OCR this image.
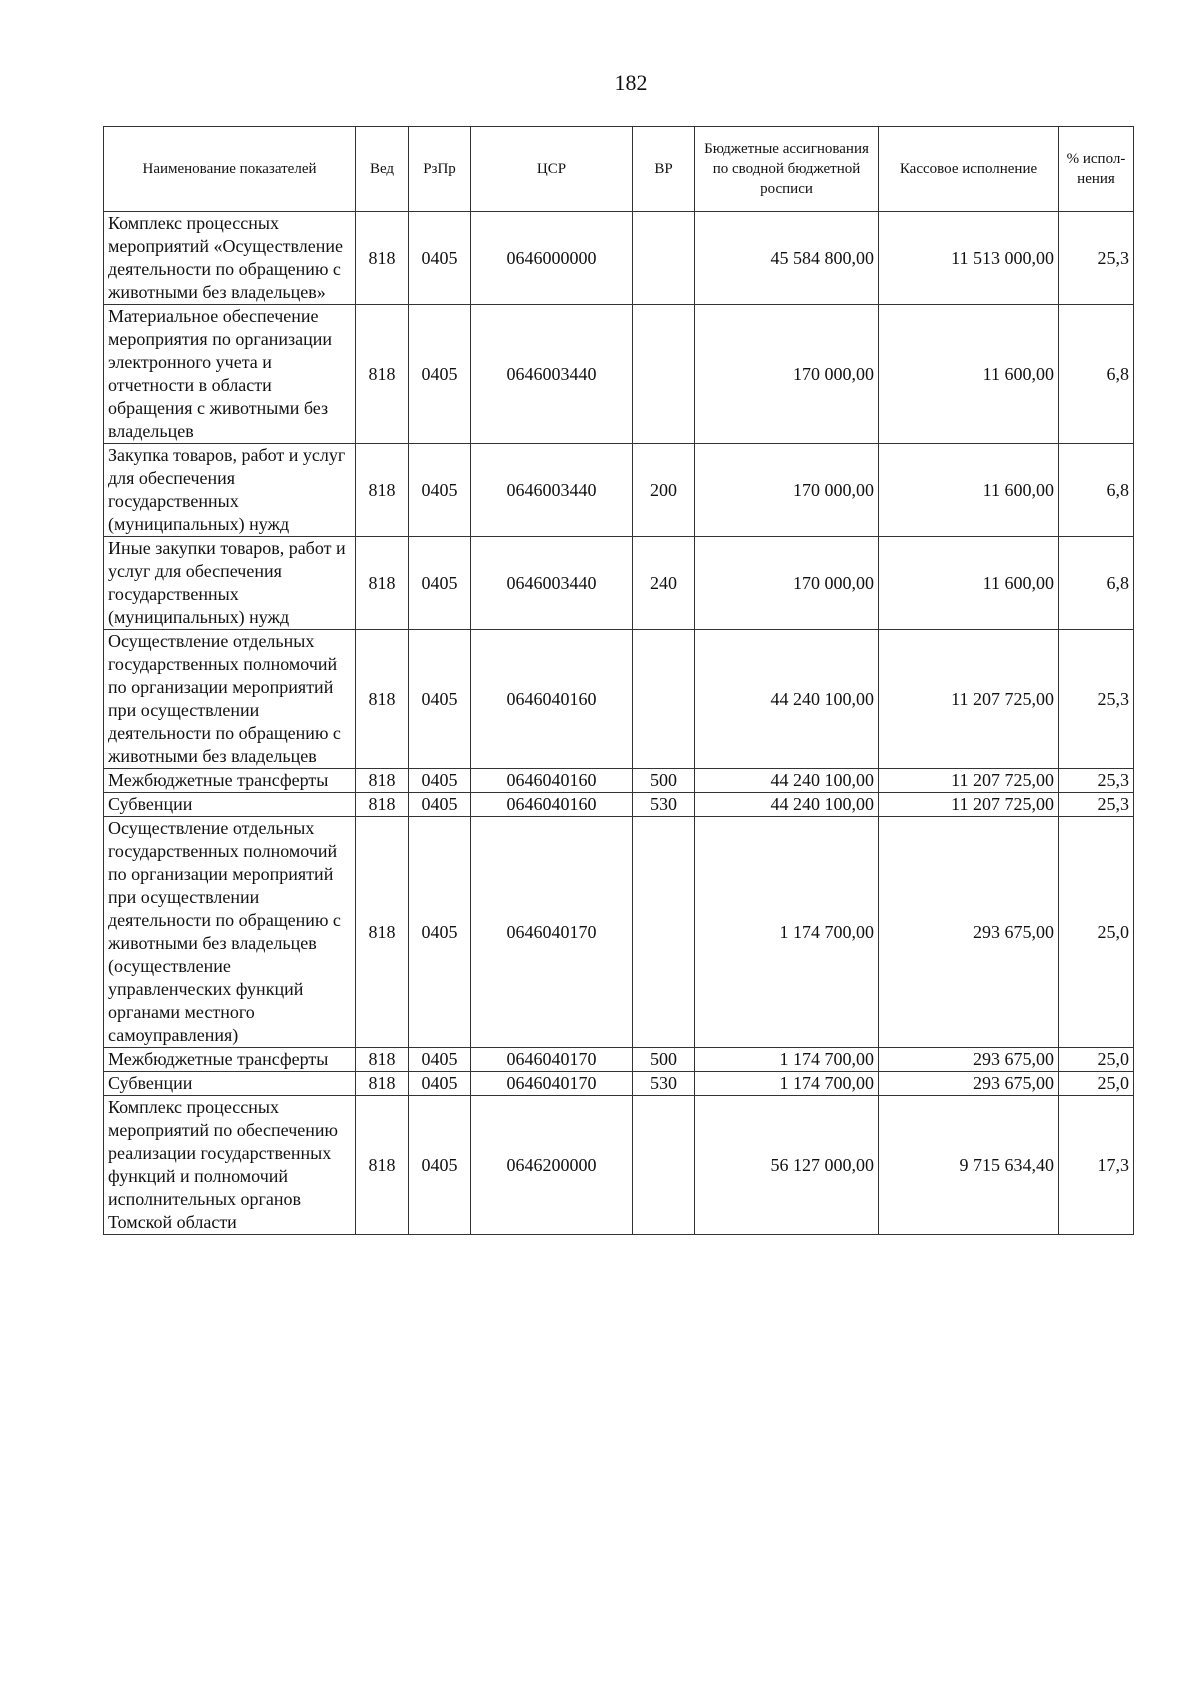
182
Наименование показателей	Вед	РзПр	ЦСР	ВР	Бюджетные ассигнования по сводной бюджетной росписи	Кассовое исполнение	% испол-нения
Комплекс процессных мероприятий «Осуществление деятельности по обращению с животными без владельцев»	818	0405	0646000000		45 584 800,00	11 513 000,00	25,3
Материальное обеспечение мероприятия по организации электронного учета и отчетности в области обращения с животными без владельцев	818	0405	0646003440		170 000,00	11 600,00	6,8
Закупка товаров, работ и услуг для обеспечения государственных (муниципальных) нужд	818	0405	0646003440	200	170 000,00	11 600,00	6,8
Иные закупки товаров, работ и услуг для обеспечения государственных (муниципальных) нужд	818	0405	0646003440	240	170 000,00	11 600,00	6,8
Осуществление отдельных государственных полномочий по организации мероприятий при осуществлении деятельности по обращению с животными без владельцев	818	0405	0646040160		44 240 100,00	11 207 725,00	25,3
Межбюджетные трансферты	818	0405	0646040160	500	44 240 100,00	11 207 725,00	25,3
Субвенции	818	0405	0646040160	530	44 240 100,00	11 207 725,00	25,3
Осуществление отдельных государственных полномочий по организации мероприятий при осуществлении деятельности по обращению с животными без владельцев (осуществление управленческих функций органами местного самоуправления)	818	0405	0646040170		1 174 700,00	293 675,00	25,0
Межбюджетные трансферты	818	0405	0646040170	500	1 174 700,00	293 675,00	25,0
Субвенции	818	0405	0646040170	530	1 174 700,00	293 675,00	25,0
Комплекс процессных мероприятий по обеспечению реализации государственных функций и полномочий исполнительных органов Томской области	818	0405	0646200000		56 127 000,00	9 715 634,40	17,3
